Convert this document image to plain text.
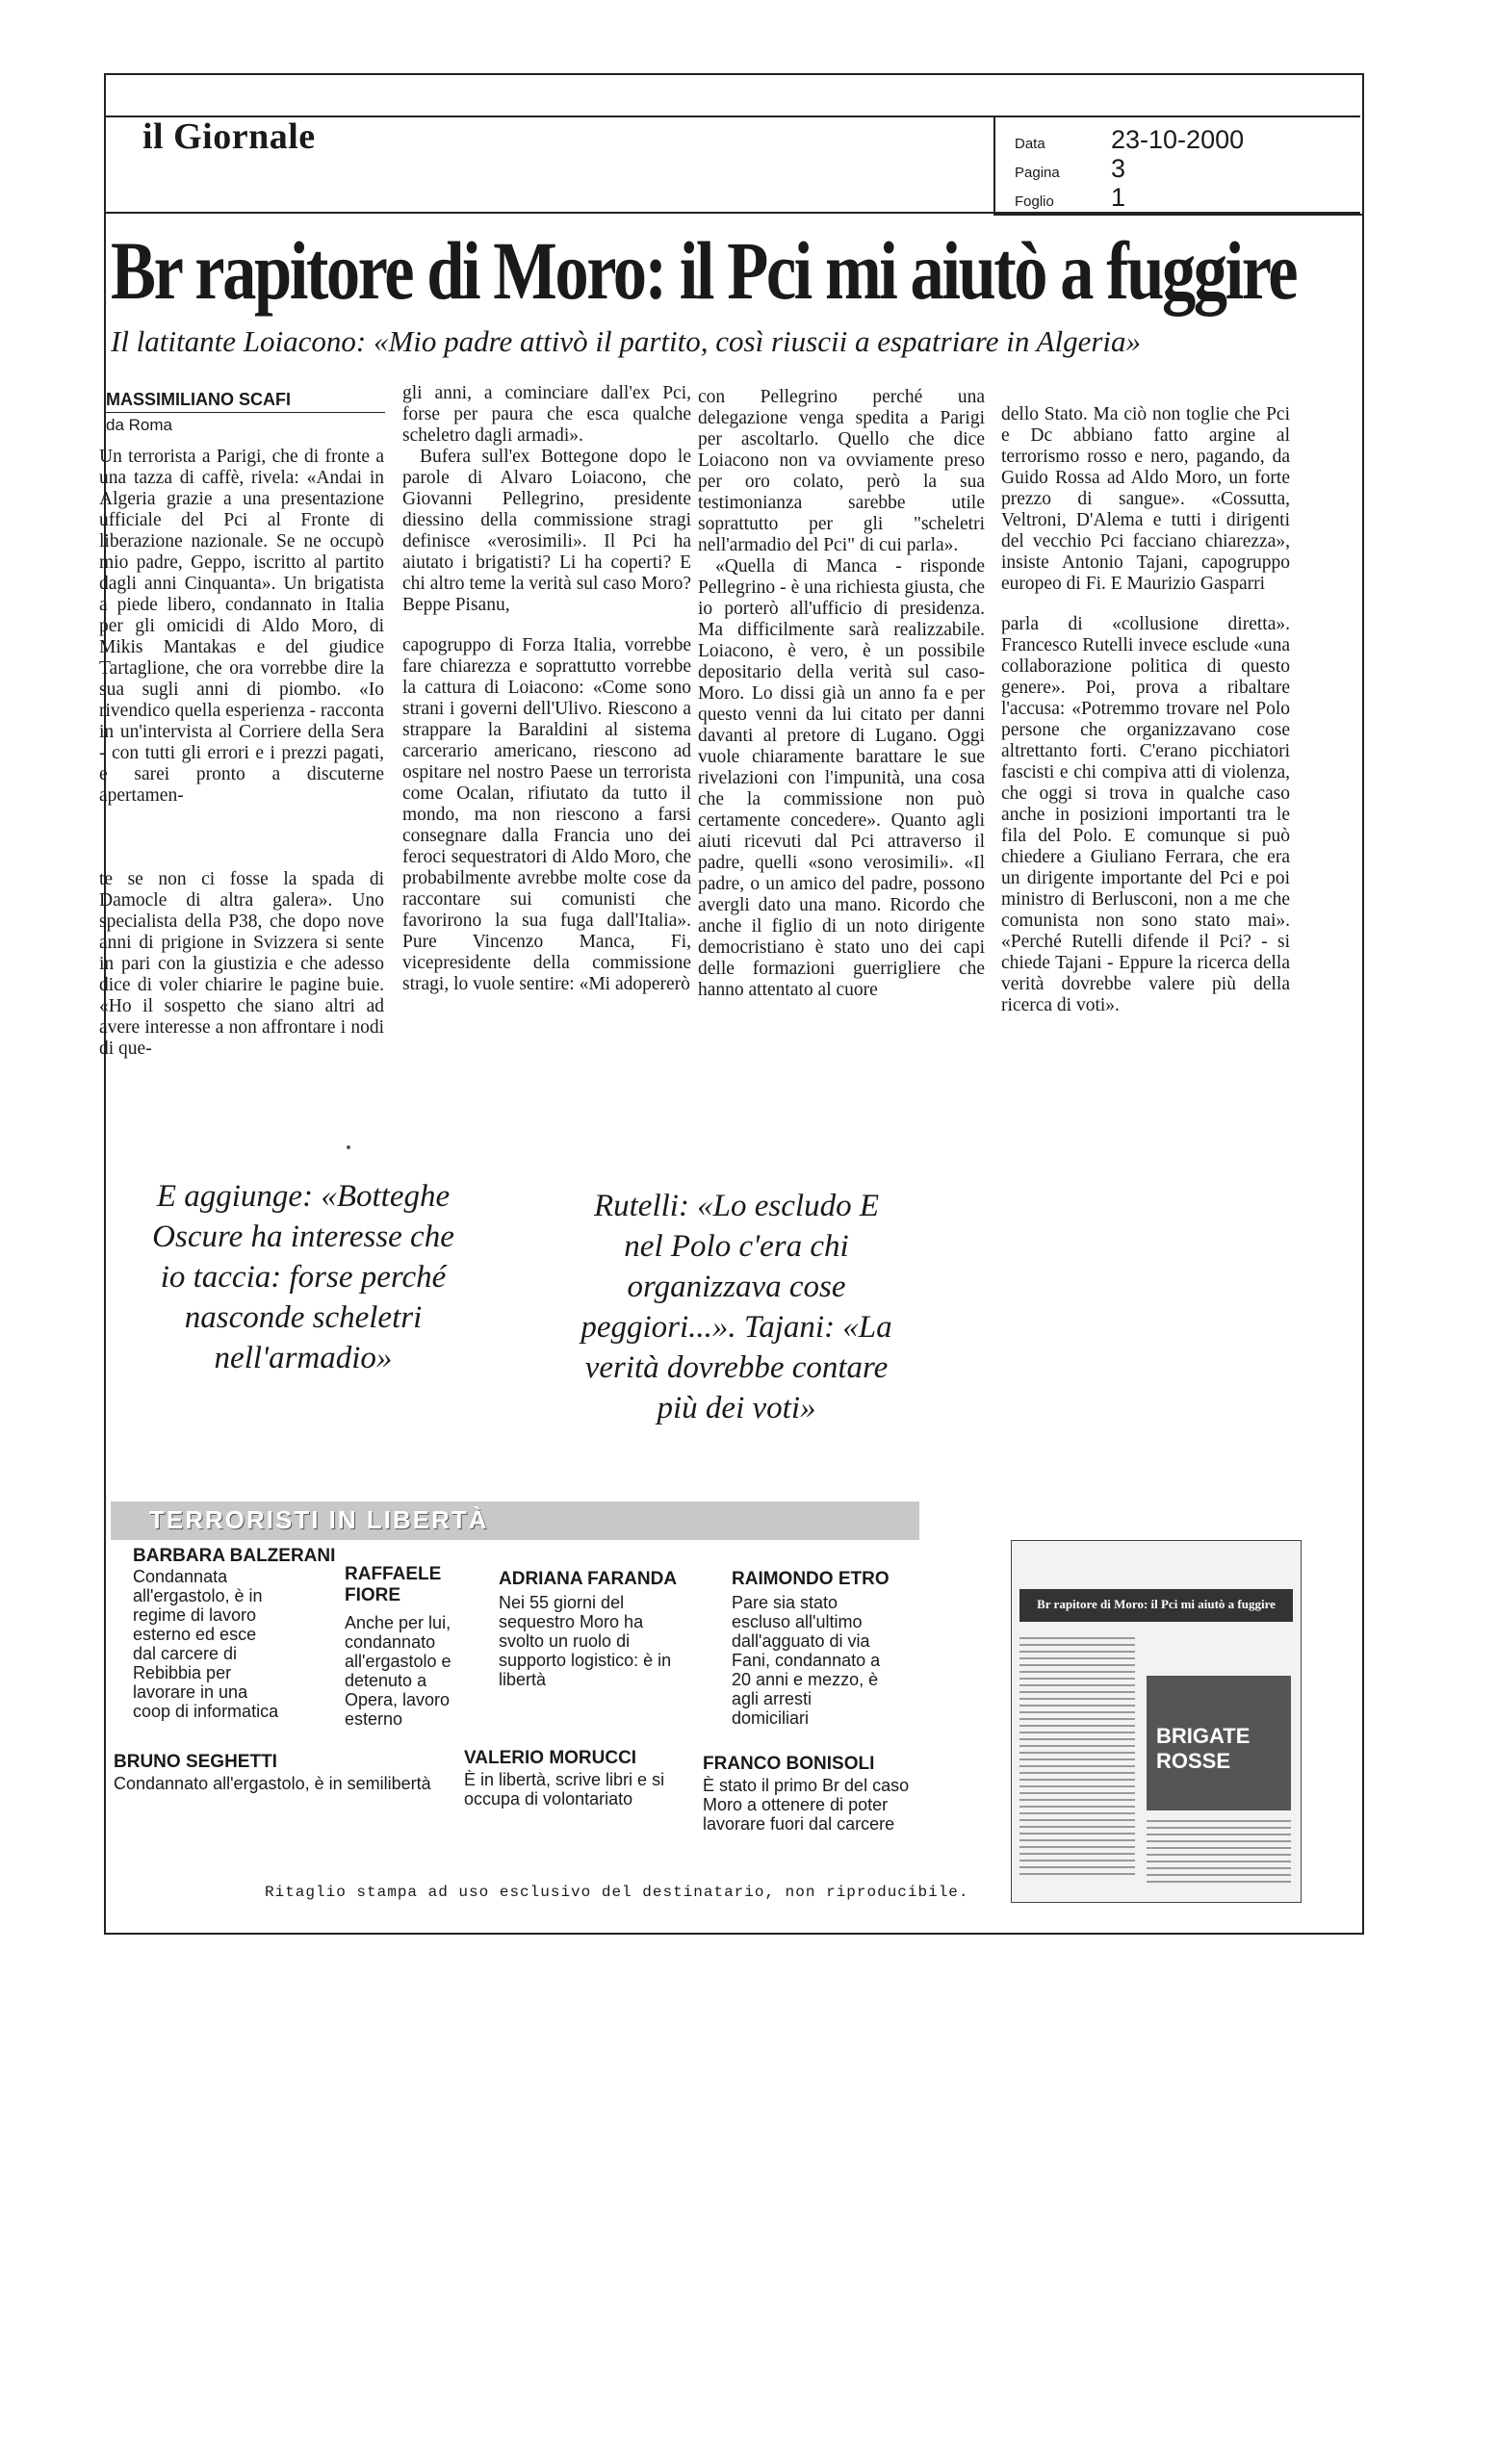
il Giornale	Data	23-10-2000
Pagina	3
Foglio	1
Br rapitore di Moro: il Pci mi aiutò a fuggire
Il latitante Loiacono: «Mio padre attivò il partito, così riuscii a espatriare in Algeria»
MASSIMILIANO SCAFI
da Roma

Un terrorista a Parigi, che di fronte a una tazza di caffè, rivela: «Andai in Algeria grazie a una presentazione ufficiale del Pci al Fronte di liberazione nazionale. Se ne occupò mio padre, Geppo, iscritto al partito dagli anni Cinquanta». Un brigatista a piede libero, condannato in Italia per gli omicidi di Aldo Moro, di Mikis Mantakas e del giudice Tartaglione, che ora vorrebbe dire la sua sugli anni di piombo. «Io rivendico quella esperienza - racconta in un'intervista al Corriere della Sera - con tutti gli errori e i prezzi pagati, e sarei pronto a discuterne apertamen-

te se non ci fosse la spada di Damocle di altra galera». Uno specialista della P38, che dopo nove anni di prigione in Svizzera si sente in pari con la giustizia e che adesso dice di voler chiarire le pagine buie. «Ho il sospetto che siano altri ad avere interesse a non affrontare i nodi di que-

gli anni, a cominciare dall'ex Pci, forse per paura che esca qualche scheletro dagli armadi».

Bufera sull'ex Bottegone dopo le parole di Alvaro Loiacono, che Giovanni Pellegrino, presidente diessino della commissione stragi definisce «verosimili». Il Pci ha aiutato i brigatisti? Li ha coperti? E chi altro teme la verità sul caso Moro? Beppe Pisanu,

capogruppo di Forza Italia, vorrebbe fare chiarezza e soprattutto vorrebbe la cattura di Loiacono: «Come sono strani i governi dell'Ulivo. Riescono a strappare la Baraldini al sistema carcerario americano, riescono ad ospitare nel nostro Paese un terrorista come Ocalan, rifiutato da tutto il mondo, ma non riescono a farsi consegnare dalla Francia uno dei feroci sequestratori di Aldo Moro, che probabilmente avrebbe molte cose da raccontare sui comunisti che favorirono la sua fuga dall'Italia». Pure Vincenzo Manca, Fi, vicepresidente della commissione stragi, lo vuole sentire: «Mi adopererò

con Pellegrino perché una delegazione venga spedita a Parigi per ascoltarlo. Quello che dice Loiacono non va ovviamente preso per oro colato, però la sua testimonianza sarebbe utile soprattutto per gli "scheletri nell'armadio del Pci" di cui parla».

«Quella di Manca - risponde Pellegrino - è una richiesta giusta, che io porterò all'ufficio di presidenza. Ma difficilmente sarà realizzabile. Loiacono, è vero, è un possibile depositario della verità sul caso-Moro. Lo dissi già un anno fa e per questo venni da lui citato per danni davanti al pretore di Lugano. Oggi vuole chiaramente barattare le sue rivelazioni con l'impunità, una cosa che la commissione non può certamente concedere». Quanto agli aiuti ricevuti dal Pci attraverso il padre, quelli «sono verosimili». «Il padre, o un amico del padre, possono avergli dato una mano. Ricordo che anche il figlio di un noto dirigente democristiano è stato uno dei capi delle formazioni guerrigliere che hanno attentato al cuore

dello Stato. Ma ciò non toglie che Pci e Dc abbiano fatto argine al terrorismo rosso e nero, pagando, da Guido Rossa ad Aldo Moro, un forte prezzo di sangue». «Cossutta, Veltroni, D'Alema e tutti i dirigenti del vecchio Pci facciano chiarezza», insiste Antonio Tajani, capogruppo europeo di Fi. E Maurizio Gasparri

parla di «collusione diretta». Francesco Rutelli invece esclude «una collaborazione politica di questo genere». Poi, prova a ribaltare l'accusa: «Potremmo trovare nel Polo persone che organizzavano cose altrettanto forti. C'erano picchiatori fascisti e chi compiva atti di violenza, che oggi si trova in qualche caso anche in posizioni importanti tra le fila del Polo. E comunque si può chiedere a Giuliano Ferrara, che era un dirigente importante del Pci e poi ministro di Berlusconi, non a me che comunista non sono stato mai». «Perché Rutelli difende il Pci? - si chiede Tajani - Eppure la ricerca della verità dovrebbe valere più della ricerca di voti».

E aggiunge: «Botteghe Oscure ha interesse che io taccia: forse perché nasconde scheletri nell'armadio»
Rutelli: «Lo escludo E nel Polo c'era chi organizzava cose peggiori...». Tajani: «La verità dovrebbe contare più dei voti»
TERRORISTI IN LIBERTÀ
BARBARA BALZERANI
Condannata all'ergastolo, è in regime di lavoro esterno ed esce dal carcere di Rebibbia per lavorare in una coop di informatica
RAFFAELE FIORE
Anche per lui, condannato all'ergastolo e detenuto a Opera, lavoro esterno
ADRIANA FARANDA
Nei 55 giorni del sequestro Moro ha svolto un ruolo di supporto logistico: è in libertà
RAIMONDO ETRO
Pare sia stato escluso all'ultimo dall'agguato di via Fani, condannato a 20 anni e mezzo, è agli arresti domiciliari
BRUNO SEGHETTI
Condannato all'ergastolo, è in semilibertà
VALERIO MORUCCI
È in libertà, scrive libri e si occupa di volontariato
FRANCO BONISOLI
È stato il primo Br del caso Moro a ottenere di poter lavorare fuori dal carcere
Br rapitore di Moro: il Pci mi aiutò a fuggire
BRIGATE ROSSE
Ritaglio stampa ad uso esclusivo del destinatario, non riproducibile.
